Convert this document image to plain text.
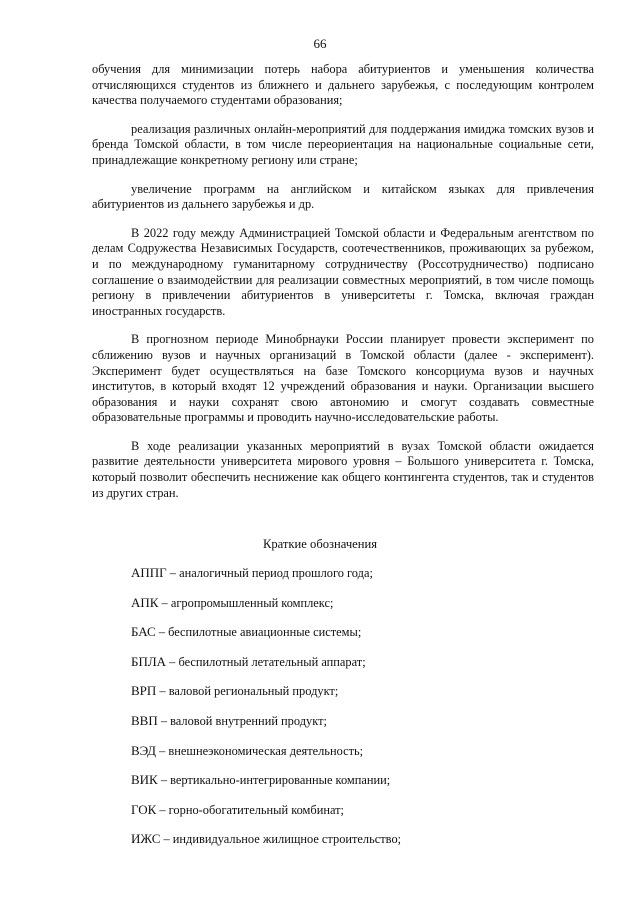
66

обучения для минимизации потерь набора абитуриентов и уменьшения количества отчисляющихся студентов из ближнего и дальнего зарубежья, с последующим контролем качества получаемого студентами образования;

реализация различных онлайн-мероприятий для поддержания имиджа томских вузов и бренда Томской области, в том числе переориентация на национальные социальные сети, принадлежащие конкретному региону или стране;

увеличение программ на английском и китайском языках для привлечения абитуриентов из дальнего зарубежья и др.

В 2022 году между Администрацией Томской области и Федеральным агентством по делам Содружества Независимых Государств, соотечественников, проживающих за рубежом, и по международному гуманитарному сотрудничеству (Россотрудничество) подписано соглашение о взаимодействии для реализации совместных мероприятий, в том числе помощь региону в привлечении абитуриентов в университеты г. Томска, включая граждан иностранных государств.

В прогнозном периоде Минобрнауки России планирует провести эксперимент по сближению вузов и научных организаций в Томской области (далее - эксперимент). Эксперимент будет осуществляться на базе Томского консорциума вузов и научных институтов, в который входят 12 учреждений образования и науки. Организации высшего образования и науки сохранят свою автономию и смогут создавать совместные образовательные программы и проводить научно-исследовательские работы.

В ходе реализации указанных мероприятий в вузах Томской области ожидается развитие деятельности университета мирового уровня – Большого университета г. Томска, который позволит обеспечить неснижение как общего контингента студентов, так и студентов из других стран.

Краткие обозначения
АППГ – аналогичный период прошлого года;
АПК – агропромышленный комплекс;
БАС – беспилотные авиационные системы;
БПЛА – беспилотный летательный аппарат;
ВРП – валовой региональный продукт;
ВВП – валовой внутренний продукт;
ВЭД – внешнеэкономическая деятельность;
ВИК – вертикально-интегрированные компании;
ГОК – горно-обогатительный комбинат;
ИЖС – индивидуальное жилищное строительство;
